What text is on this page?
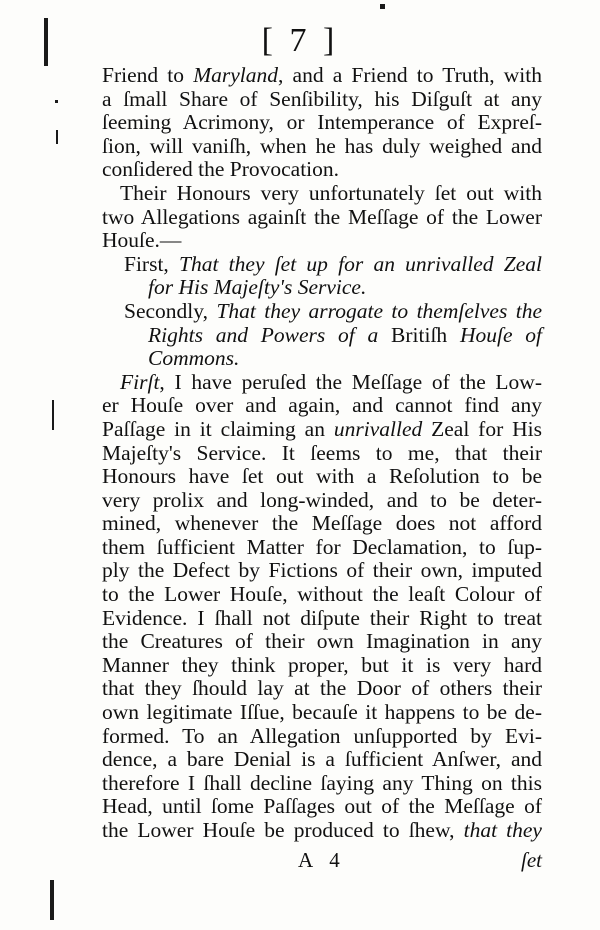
[ 7 ]
Friend to Maryland, and a Friend to Truth, with
a ſmall Share of Senſibility, his Diſguſt at any
ſeeming Acrimony, or Intemperance of Expreſ-
ſion, will vaniſh, when he has duly weighed and
conſidered the Provocation.
Their Honours very unfortunately ſet out with
two Allegations againſt the Meſſage of the Lower
Houſe.—
First, That they ſet up for an unrivalled Zeal
for His Majeſty's Service.
Secondly, That they arrogate to themſelves the
Rights and Powers of a Britiſh Houſe of
Commons.
Firſt, I have peruſed the Meſſage of the Low-
er Houſe over and again, and cannot find any
Paſſage in it claiming an unrivalled Zeal for His
Majeſty's Service. It ſeems to me, that their
Honours have ſet out with a Reſolution to be
very prolix and long-winded, and to be deter-
mined, whenever the Meſſage does not afford
them ſufficient Matter for Declamation, to ſup-
ply the Defect by Fictions of their own, imputed
to the Lower Houſe, without the leaſt Colour of
Evidence. I ſhall not diſpute their Right to treat
the Creatures of their own Imagination in any
Manner they think proper, but it is very hard
that they ſhould lay at the Door of others their
own legitimate Iſſue, becauſe it happens to be de-
formed. To an Allegation unſupported by Evi-
dence, a bare Denial is a ſufficient Anſwer, and
therefore I ſhall decline ſaying any Thing on this
Head, until ſome Paſſages out of the Meſſage of
the Lower Houſe be produced to ſhew, that they
A 4	ſet
